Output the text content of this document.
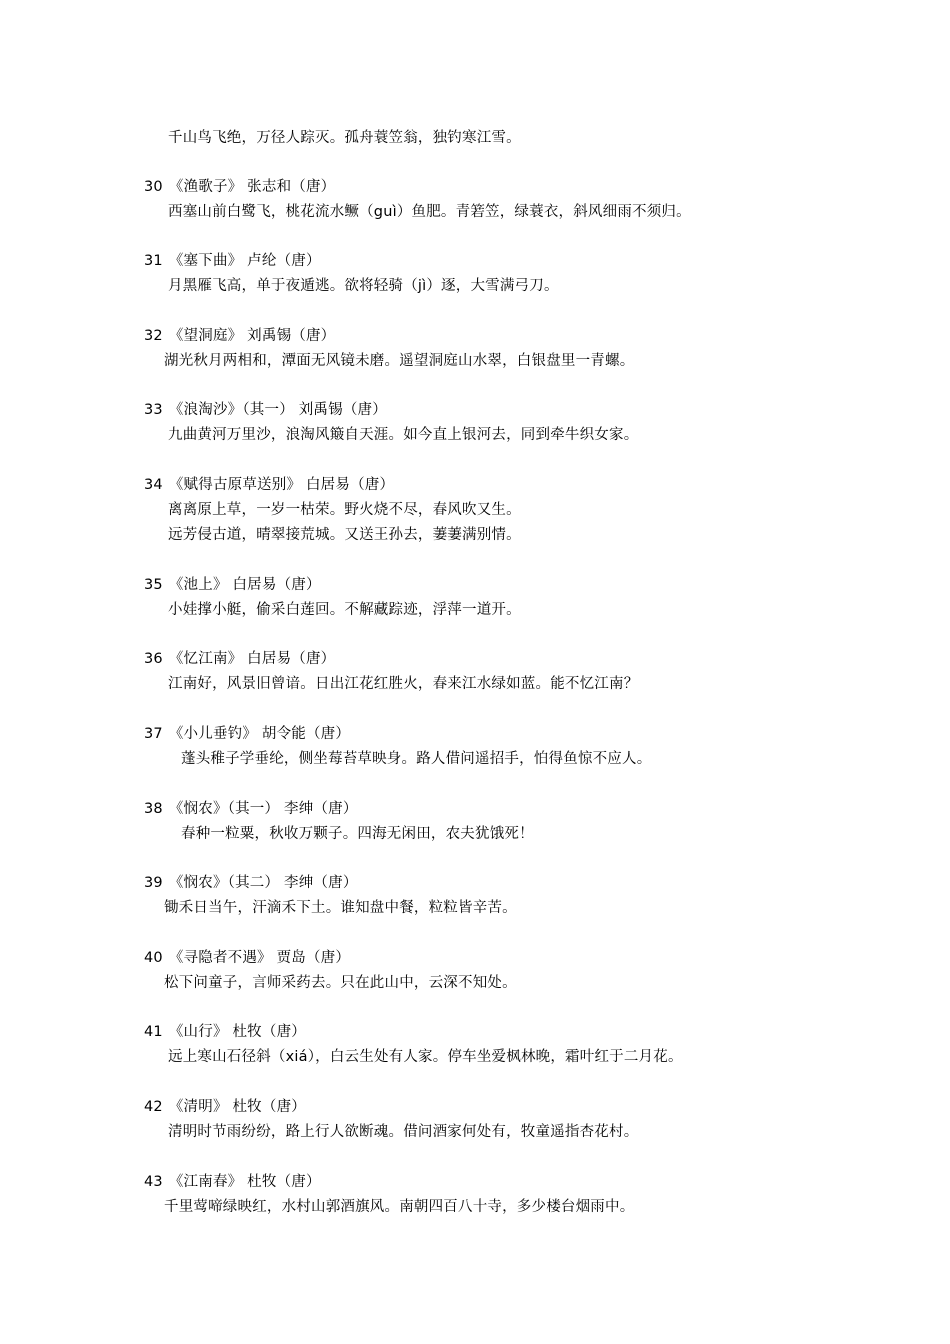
千山鸟飞绝，万径人踪灭。孤舟蓑笠翁，独钓寒江雪。
30 《渔歌子》 张志和（唐）
西塞山前白鹭飞，桃花流水鳜（guì）鱼肥。青箬笠，绿蓑衣，斜风细雨不须归。
31 《塞下曲》 卢纶（唐）
月黑雁飞高，单于夜遁逃。欲将轻骑（jì）逐，大雪满弓刀。
32 《望洞庭》 刘禹锡（唐）
湖光秋月两相和，潭面无风镜未磨。遥望洞庭山水翠，白银盘里一青螺。
33 《浪淘沙》（其一） 刘禹锡（唐）
九曲黄河万里沙，浪淘风簸自天涯。如今直上银河去，同到牵牛织女家。
34 《赋得古原草送别》 白居易（唐）
离离原上草，一岁一枯荣。野火烧不尽，春风吹又生。
远芳侵古道，晴翠接荒城。又送王孙去，萋萋满别情。
35 《池上》 白居易（唐）
小娃撑小艇，偷采白莲回。不解藏踪迹，浮萍一道开。
36 《忆江南》 白居易（唐）
江南好，风景旧曾谙。日出江花红胜火，春来江水绿如蓝。能不忆江南？
37 《小儿垂钓》 胡令能（唐）
蓬头稚子学垂纶，侧坐莓苔草映身。路人借问遥招手，怕得鱼惊不应人。
38 《悯农》（其一） 李绅（唐）
春种一粒粟，秋收万颗子。四海无闲田，农夫犹饿死！
39 《悯农》（其二） 李绅（唐）
锄禾日当午，汗滴禾下土。谁知盘中餐，粒粒皆辛苦。
40 《寻隐者不遇》 贾岛（唐）
松下问童子，言师采药去。只在此山中，云深不知处。
41 《山行》 杜牧（唐）
远上寒山石径斜（xiá），白云生处有人家。停车坐爱枫林晚，霜叶红于二月花。
42 《清明》 杜牧（唐）
清明时节雨纷纷，路上行人欲断魂。借问酒家何处有，牧童遥指杏花村。
43 《江南春》 杜牧（唐）
千里莺啼绿映红，水村山郭酒旗风。南朝四百八十寺，多少楼台烟雨中。
